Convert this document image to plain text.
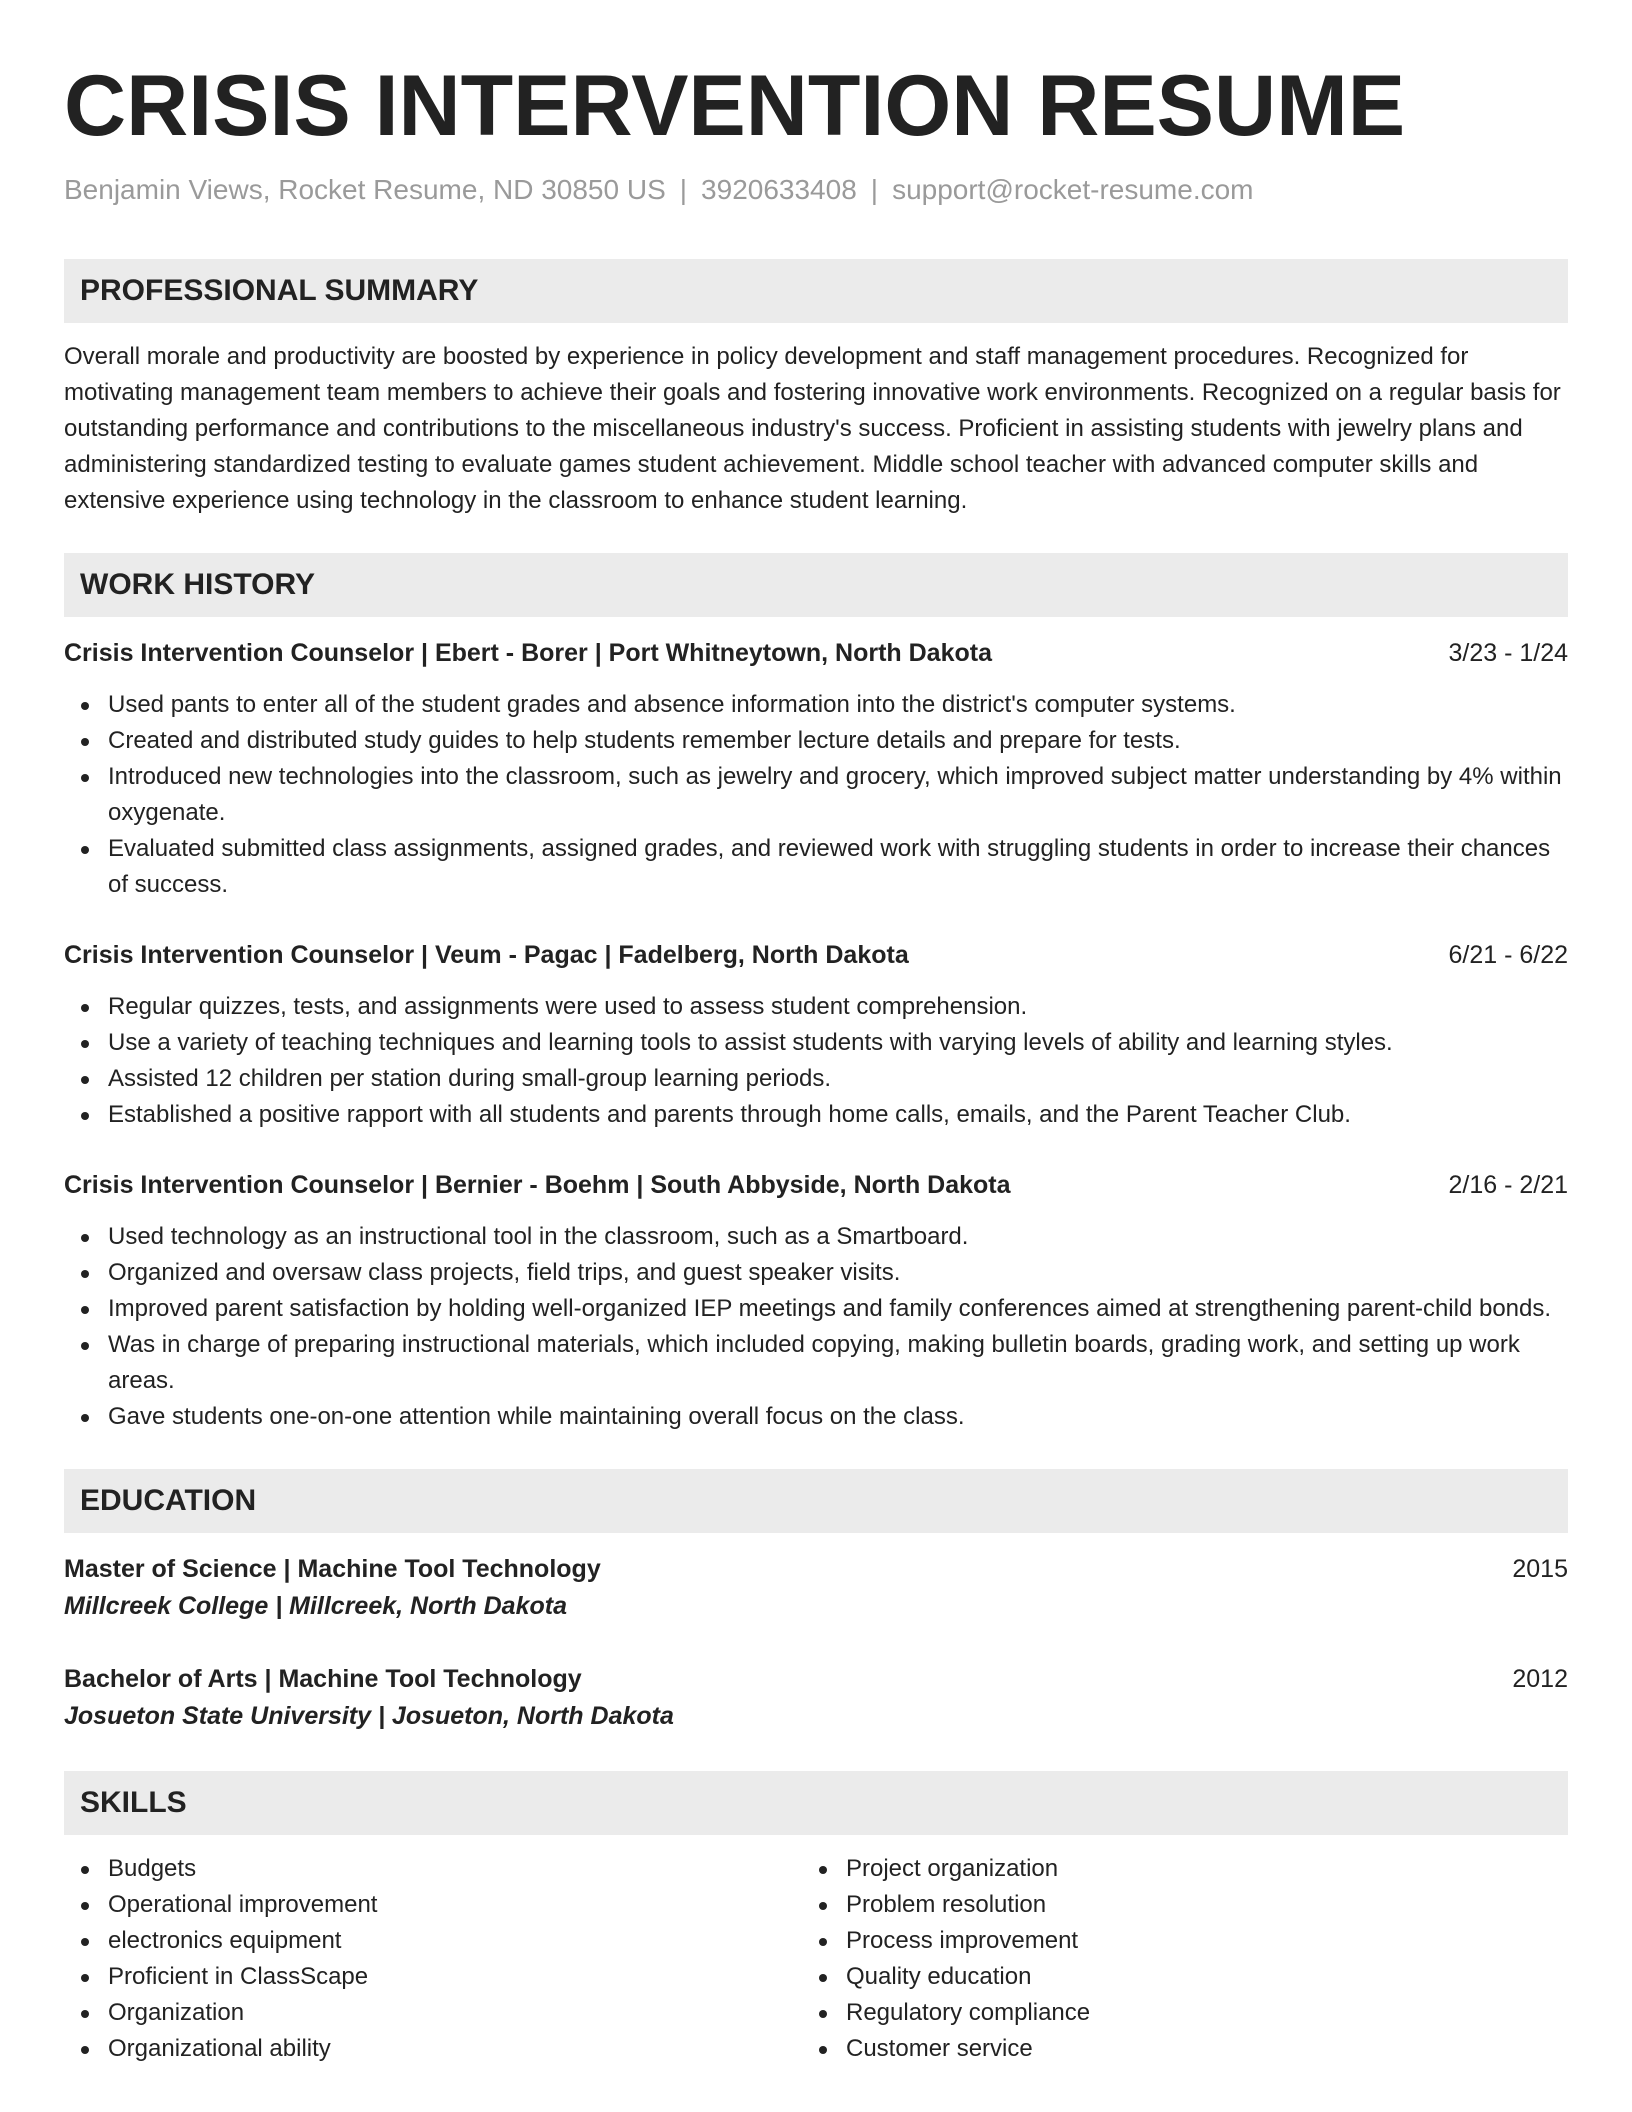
CRISIS INTERVENTION RESUME
Benjamin Views, Rocket Resume, ND 30850 US | 3920633408 | support@rocket-resume.com
PROFESSIONAL SUMMARY
Overall morale and productivity are boosted by experience in policy development and staff management procedures. Recognized for motivating management team members to achieve their goals and fostering innovative work environments. Recognized on a regular basis for outstanding performance and contributions to the miscellaneous industry's success. Proficient in assisting students with jewelry plans and administering standardized testing to evaluate games student achievement. Middle school teacher with advanced computer skills and extensive experience using technology in the classroom to enhance student learning.
WORK HISTORY
Crisis Intervention Counselor | Ebert - Borer | Port Whitneytown, North Dakota	3/23 - 1/24
Used pants to enter all of the student grades and absence information into the district's computer systems.
Created and distributed study guides to help students remember lecture details and prepare for tests.
Introduced new technologies into the classroom, such as jewelry and grocery, which improved subject matter understanding by 4% within oxygenate.
Evaluated submitted class assignments, assigned grades, and reviewed work with struggling students in order to increase their chances of success.
Crisis Intervention Counselor | Veum - Pagac | Fadelberg, North Dakota	6/21 - 6/22
Regular quizzes, tests, and assignments were used to assess student comprehension.
Use a variety of teaching techniques and learning tools to assist students with varying levels of ability and learning styles.
Assisted 12 children per station during small-group learning periods.
Established a positive rapport with all students and parents through home calls, emails, and the Parent Teacher Club.
Crisis Intervention Counselor | Bernier - Boehm | South Abbyside, North Dakota	2/16 - 2/21
Used technology as an instructional tool in the classroom, such as a Smartboard.
Organized and oversaw class projects, field trips, and guest speaker visits.
Improved parent satisfaction by holding well-organized IEP meetings and family conferences aimed at strengthening parent-child bonds.
Was in charge of preparing instructional materials, which included copying, making bulletin boards, grading work, and setting up work areas.
Gave students one-on-one attention while maintaining overall focus on the class.
EDUCATION
Master of Science | Machine Tool Technology	2015
Millcreek College | Millcreek, North Dakota
Bachelor of Arts | Machine Tool Technology	2012
Josueton State University | Josueton, North Dakota
SKILLS
Budgets
Operational improvement
electronics equipment
Proficient in ClassScape
Organization
Organizational ability
Project organization
Problem resolution
Process improvement
Quality education
Regulatory compliance
Customer service
